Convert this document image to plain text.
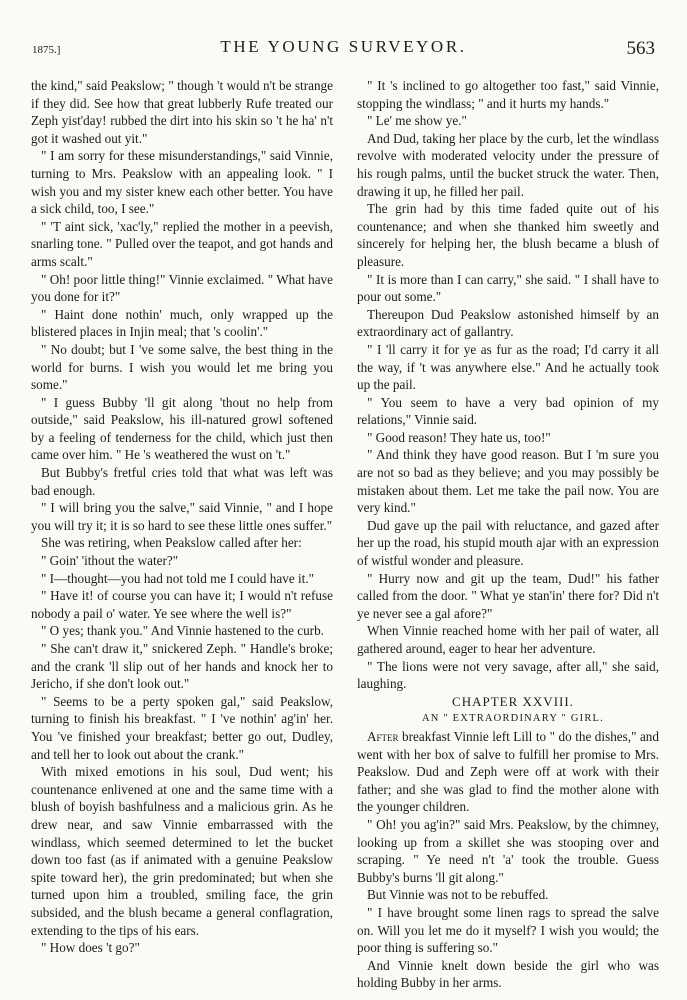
1875.]	THE YOUNG SURVEYOR.	563

the kind," said Peakslow; " though 't would n't be strange if they did. See how that great lubberly Rufe treated our Zeph yist'day! rubbed the dirt into his skin so 't he ha' n't got it washed out yit."

" I am sorry for these misunderstandings," said Vinnie, turning to Mrs. Peakslow with an appealing look. " I wish you and my sister knew each other better. You have a sick child, too, I see."

" 'T aint sick, 'xac'ly," replied the mother in a peevish, snarling tone. " Pulled over the teapot, and got hands and arms scalt."

" Oh! poor little thing!" Vinnie exclaimed. " What have you done for it?"

" Haint done nothin' much, only wrapped up the blistered places in Injin meal; that 's coolin'."

" No doubt; but I 've some salve, the best thing in the world for burns. I wish you would let me bring you some."

" I guess Bubby 'll git along 'thout no help from outside," said Peakslow, his ill-natured growl softened by a feeling of tenderness for the child, which just then came over him. " He 's weathered the wust on 't."

But Bubby's fretful cries told that what was left was bad enough.

" I will bring you the salve," said Vinnie, " and I hope you will try it; it is so hard to see these little ones suffer."

She was retiring, when Peakslow called after her:

" Goin' 'ithout the water?"

" I—thought—you had not told me I could have it."

" Have it! of course you can have it; I would n't refuse nobody a pail o' water. Ye see where the well is?"

" O yes; thank you." And Vinnie hastened to the curb.

" She can't draw it," snickered Zeph. " Handle's broke; and the crank 'll slip out of her hands and knock her to Jericho, if she don't look out."

" Seems to be a perty spoken gal," said Peakslow, turning to finish his breakfast. " I 've nothin' ag'in' her. You 've finished your breakfast; better go out, Dudley, and tell her to look out about the crank."

With mixed emotions in his soul, Dud went; his countenance enlivened at one and the same time with a blush of boyish bashfulness and a malicious grin. As he drew near, and saw Vinnie embarrassed with the windlass, which seemed determined to let the bucket down too fast (as if animated with a genuine Peakslow spite toward her), the grin predominated; but when she turned upon him a troubled, smiling face, the grin subsided, and the blush became a general conflagration, extending to the tips of his ears.

" How does 't go?"

" It 's inclined to go altogether too fast," said Vinnie, stopping the windlass; " and it hurts my hands."

" Le' me show ye."

And Dud, taking her place by the curb, let the windlass revolve with moderated velocity under the pressure of his rough palms, until the bucket struck the water. Then, drawing it up, he filled her pail.

The grin had by this time faded quite out of his countenance; and when she thanked him sweetly and sincerely for helping her, the blush became a blush of pleasure.

" It is more than I can carry," she said. " I shall have to pour out some."

Thereupon Dud Peakslow astonished himself by an extraordinary act of gallantry.

" I 'll carry it for ye as fur as the road; I'd carry it all the way, if 't was anywhere else." And he actually took up the pail.

" You seem to have a very bad opinion of my relations," Vinnie said.

" Good reason! They hate us, too!"

" And think they have good reason. But I 'm sure you are not so bad as they believe; and you may possibly be mistaken about them. Let me take the pail now. You are very kind."

Dud gave up the pail with reluctance, and gazed after her up the road, his stupid mouth ajar with an expression of wistful wonder and pleasure.

" Hurry now and git up the team, Dud!" his father called from the door. " What ye stan'in' there for? Did n't ye never see a gal afore?"

When Vinnie reached home with her pail of water, all gathered around, eager to hear her adventure.

" The lions were not very savage, after all," she said, laughing.

CHAPTER XXVIII.

AN " EXTRAORDINARY " GIRL.

After breakfast Vinnie left Lill to " do the dishes," and went with her box of salve to fulfill her promise to Mrs. Peakslow. Dud and Zeph were off at work with their father; and she was glad to find the mother alone with the younger children.

" Oh! you ag'in?" said Mrs. Peakslow, by the chimney, looking up from a skillet she was stooping over and scraping. " Ye need n't 'a' took the trouble. Guess Bubby's burns 'll git along."

But Vinnie was not to be rebuffed.

" I have brought some linen rags to spread the salve on. Will you let me do it myself? I wish you would; the poor thing is suffering so."

And Vinnie knelt down beside the girl who was holding Bubby in her arms.
